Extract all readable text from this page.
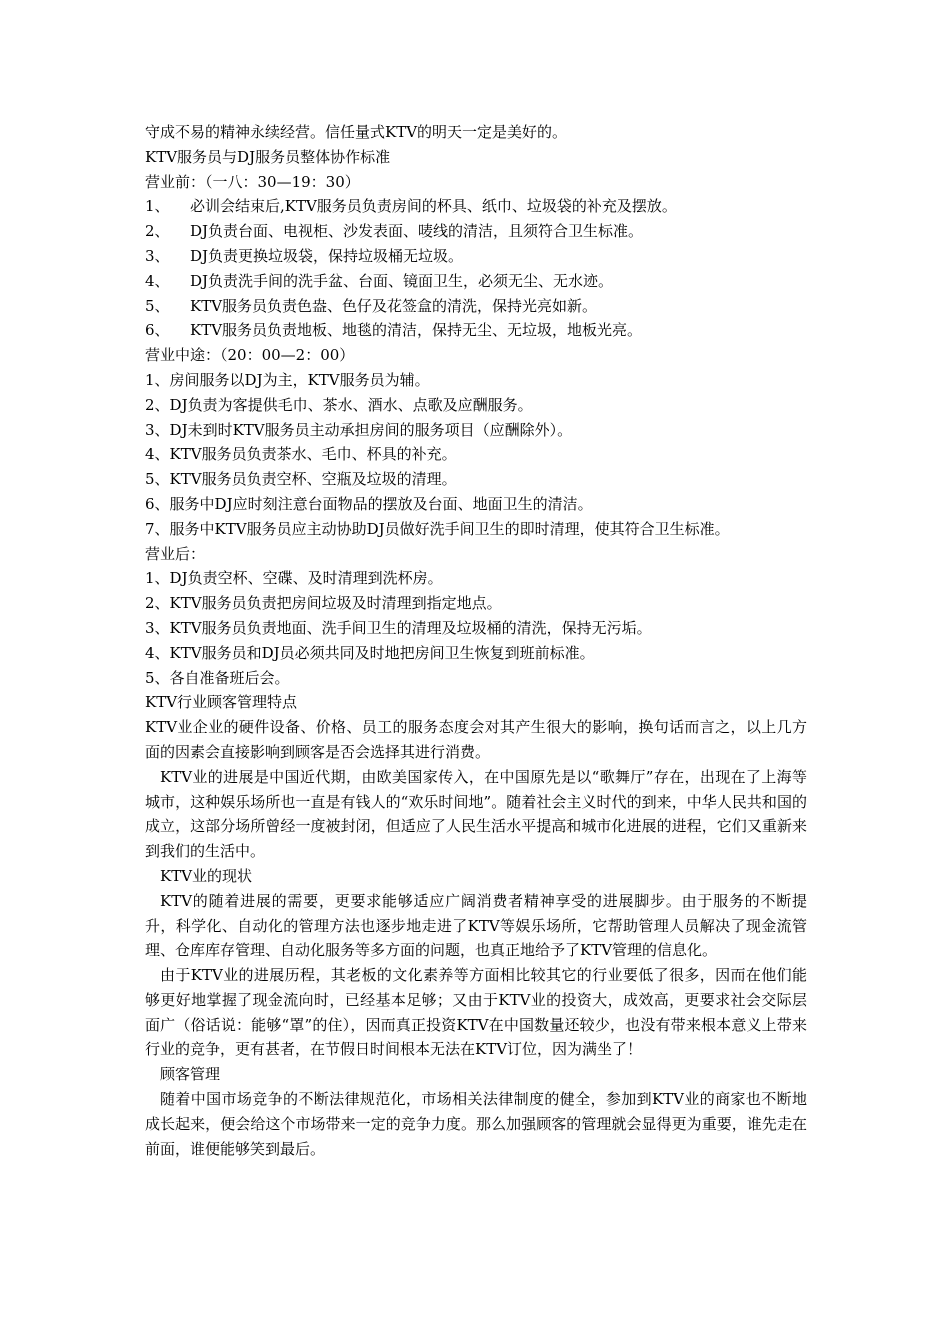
守成不易的精神永续经营。信任量式KTV的明天一定是美好的。
KTV服务员与DJ服务员整体协作标准
营业前：（一八：30—19：30）
1、 必训会结束后,KTV服务员负责房间的杯具、纸巾、垃圾袋的补充及摆放。
2、 DJ负责台面、电视柜、沙发表面、唛线的清洁，且须符合卫生标准。
3、 DJ负责更换垃圾袋，保持垃圾桶无垃圾。
4、 DJ负责洗手间的洗手盆、台面、镜面卫生，必须无尘、无水迹。
5、 KTV服务员负责色盎、色仔及花签盒的清洗，保持光亮如新。
6、 KTV服务员负责地板、地毯的清洁，保持无尘、无垃圾，地板光亮。
营业中途：（20：00—2：00）
1、房间服务以DJ为主，KTV服务员为辅。
2、DJ负责为客提供毛巾、茶水、酒水、点歌及应酬服务。
3、DJ未到时KTV服务员主动承担房间的服务项目（应酬除外）。
4、KTV服务员负责茶水、毛巾、杯具的补充。
5、KTV服务员负责空杯、空瓶及垃圾的清理。
6、服务中DJ应时刻注意台面物品的摆放及台面、地面卫生的清洁。
7、服务中KTV服务员应主动协助DJ员做好洗手间卫生的即时清理，使其符合卫生标准。
营业后：
1、DJ负责空杯、空碟、及时清理到洗杯房。
2、KTV服务员负责把房间垃圾及时清理到指定地点。
3、KTV服务员负责地面、洗手间卫生的清理及垃圾桶的清洗，保持无污垢。
4、KTV服务员和DJ员必须共同及时地把房间卫生恢复到班前标准。
5、各自准备班后会。
KTV行业顾客管理特点

KTV业企业的硬件设备、价格、员工的服务态度会对其产生很大的影响，换句话而言之，以上几方面的因素会直接影响到顾客是否会选择其进行消费。

KTV业的进展是中国近代期，由欧美国家传入，在中国原先是以“歌舞厅”存在，出现在了上海等城市，这种娱乐场所也一直是有钱人的“欢乐时间地”。随着社会主义时代的到来，中华人民共和国的成立，这部分场所曾经一度被封闭，但适应了人民生活水平提高和城市化进展的进程，它们又重新来到我们的生活中。

KTV业的现状

KTV的随着进展的需要，更要求能够适应广阔消费者精神享受的进展脚步。由于服务的不断提升，科学化、自动化的管理方法也逐步地走进了KTV等娱乐场所，它帮助管理人员解决了现金流管理、仓库库存管理、自动化服务等多方面的问题，也真正地给予了KTV管理的信息化。

由于KTV业的进展历程，其老板的文化素养等方面相比较其它的行业要低了很多，因而在他们能够更好地掌握了现金流向时，已经基本足够；又由于KTV业的投资大，成效高，更要求社会交际层面广（俗话说：能够“罩”的住），因而真正投资KTV在中国数量还较少，也没有带来根本意义上带来行业的竞争，更有甚者，在节假日时间根本无法在KTV订位，因为满坐了！

顾客管理

随着中国市场竞争的不断法律规范化，市场相关法律制度的健全，参加到KTV业的商家也不断地成长起来，便会给这个市场带来一定的竞争力度。那么加强顾客的管理就会显得更为重要，谁先走在前面，谁便能够笑到最后。
